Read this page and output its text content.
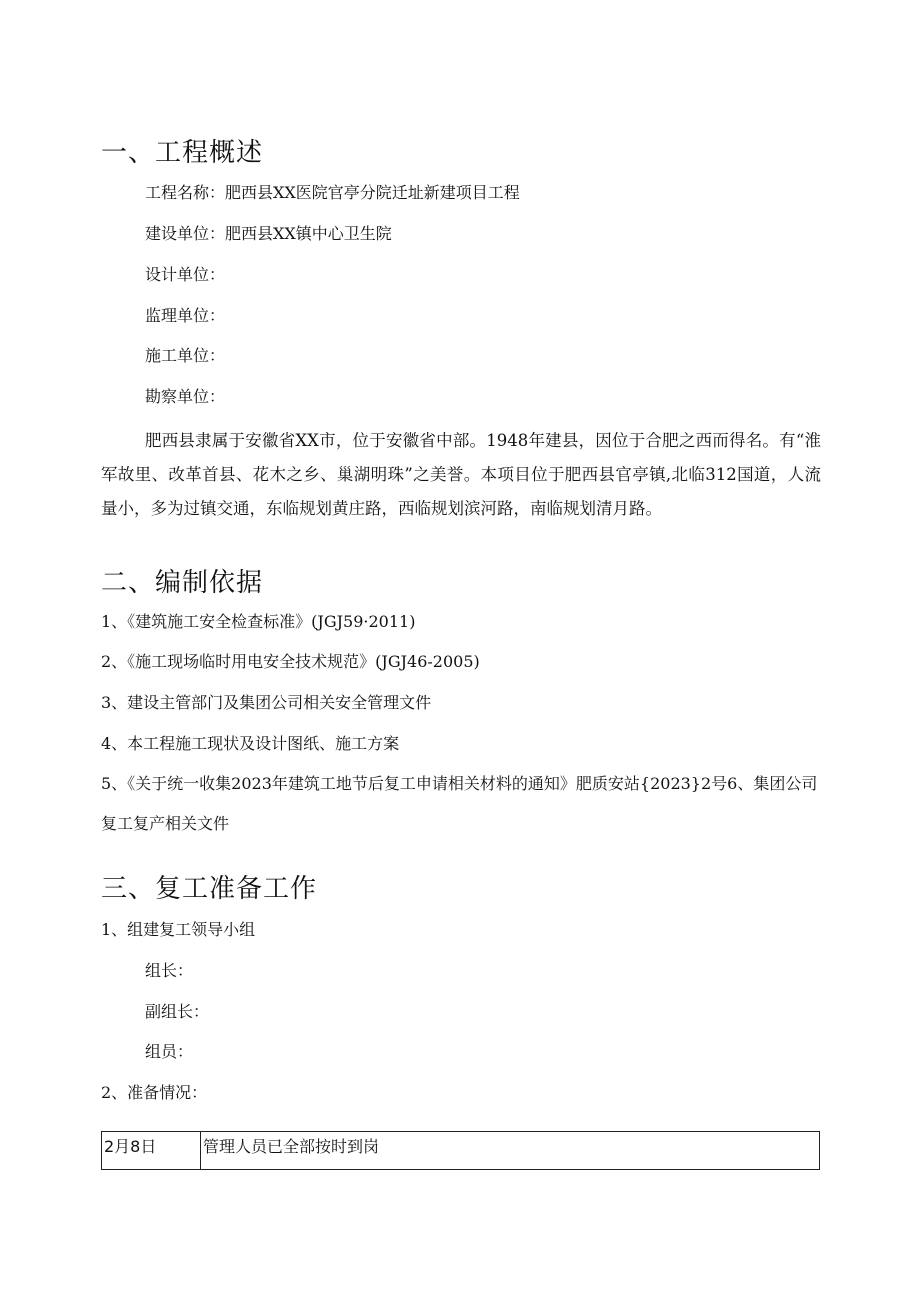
一、工程概述
工程名称：肥西县XX医院官亭分院迁址新建项目工程
建设单位：肥西县XX镇中心卫生院
设计单位：
监理单位：
施工单位：
勘察单位：

肥西县隶属于安徽省XX市，位于安徽省中部。1948年建县，因位于合肥之西而得名。有“淮军故里、改革首县、花木之乡、巢湖明珠”之美誉。本项目位于肥西县官亭镇,北临312国道，人流量小，多为过镇交通，东临规划黄庄路，西临规划滨河路，南临规划清月路。

二、编制依据
1、《建筑施工安全检查标准》(JGJ59·2011)
2、《施工现场临时用电安全技术规范》(JGJ46-2005)
3、建设主管部门及集团公司相关安全管理文件
4、本工程施工现状及设计图纸、施工方案

5、《关于统一收集2023年建筑工地节后复工申请相关材料的通知》肥质安站{2023}2号6、集团公司复工复产相关文件

三、复工准备工作
1、组建复工领导小组
组长：
副组长：
组员：
2、准备情况：
2月8日	管理人员已全部按时到岗
